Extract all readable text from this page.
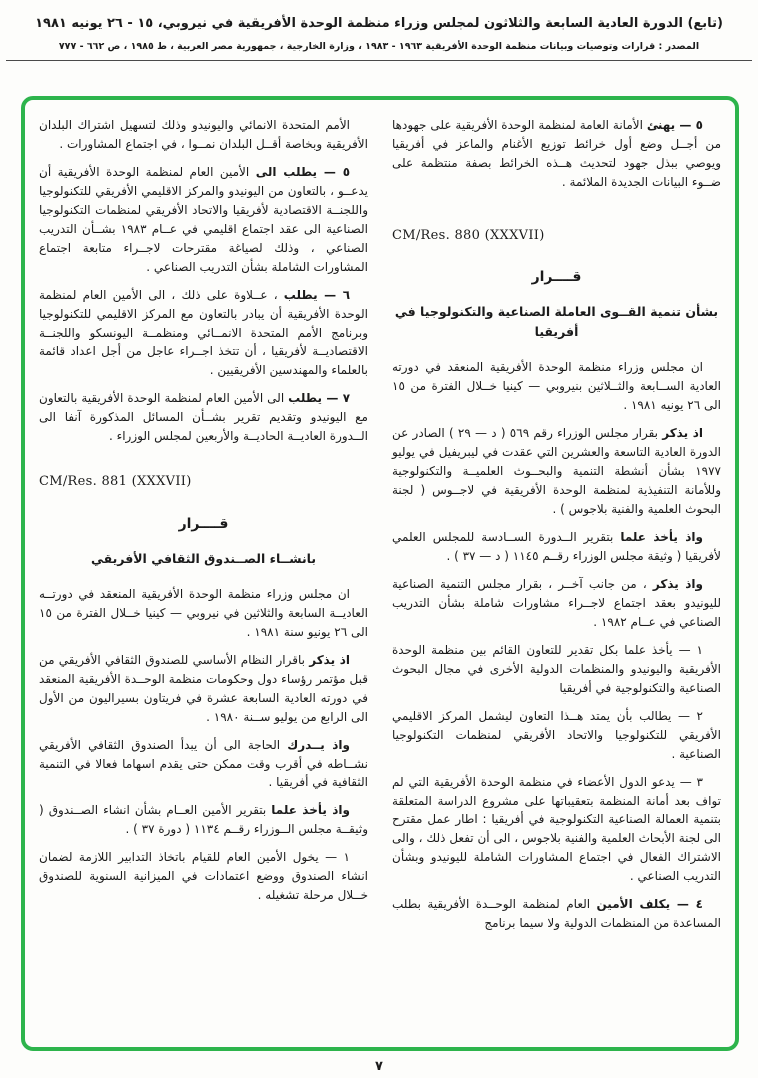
(تابع) الدورة العادية السابعة والثلاثون لمجلس وزراء منظمة الوحدة الأفريقية في نيروبي، ١٥ - ٢٦ يونيه ١٩٨١
المصدر : قرارات وتوصيات وبيانات منظمة الوحدة الأفريقية ١٩٦٣ - ١٩٨٣ ، وزارة الخارجية ، جمهورية مصر العربية ، ط ١٩٨٥ ، ص ٦٦٢ - ٧٧٧

٥ — يهنئ الأمانة العامة لمنظمة الوحدة الأفريقية على جهودها من أجــل وضع أول خرائط توزيع الأغنام والماعز في أفريقيا ويوصي ببذل جهود لتحديث هــذه الخرائط بصفة منتظمة على ضــوء البيانات الجديدة الملائمة .

CM/Res. 880 (XXXVII)
قــــرار
بشأن تنمية القــوى العاملة الصناعية والتكنولوجيا في أفريقيا

ان مجلس وزراء منظمة الوحدة الأفريقية المنعقد في دورته العادية الســابعة والثــلاثين بنيروبي — كينيا خــلال الفترة من ١٥ الى ٢٦ يونيه ١٩٨١ .

اذ يذكر بقرار مجلس الوزراء رقم ٥٦٩ ( د — ٢٩ ) الصادر عن الدورة العادية التاسعة والعشرين التي عقدت في ليبريفيل في يوليو ١٩٧٧ بشأن أنشطة التنمية والبحــوث العلميــة والتكنولوجية وللأمانة التنفيذية لمنظمة الوحدة الأفريقية في لاجــوس ( لجنة البحوث العلمية والفنية بلاجوس ) .

واذ يأخذ علما بتقرير الــدورة الســادسة للمجلس العلمي لأفريقيا ( وثيقة مجلس الوزراء رقــم ١١٤٥ ( د — ٣٧ ) .

واذ يذكر ، من جانب آخــر ، بقرار مجلس التنمية الصناعية لليونيدو بعقد اجتماع لاجــراء مشاورات شاملة بشأن التدريب الصناعي في عــام ١٩٨٢ .

١ — يأخذ علما بكل تقدير للتعاون القائم بين منظمة الوحدة الأفريقية واليونيدو والمنظمات الدولية الأخرى في مجال البحوث الصناعية والتكنولوجية في أفريقيا

٢ — يطالب بأن يمتد هــذا التعاون ليشمل المركز الاقليمي الأفريقي للتكنولوجيا والاتحاد الأفريقي لمنظمات التكنولوجيا الصناعية .

٣ — يدعو الدول الأعضاء في منظمة الوحدة الأفريقية التي لم تواف بعد أمانة المنظمة بتعقيباتها على مشروع الدراسة المتعلقة بتنمية العمالة الصناعية التكنولوجية في أفريقيا : اطار عمل مقترح الى لجنة الأبحاث العلمية والفنية بلاجوس ، الى أن تفعل ذلك ، والى الاشتراك الفعال في اجتماع المشاورات الشاملة لليونيدو وبشأن التدريب الصناعي .

٤ — يكلف الأمين العام لمنظمة الوحــدة الأفريقية بطلب المساعدة من المنظمات الدولية ولا سيما برنامج

الأمم المتحدة الانمائي واليونيدو وذلك لتسهيل اشتراك البلدان الأفريقية وبخاصة أقــل البلدان نمــوا ، في اجتماع المشاورات .

٥ — يطلب الى الأمين العام لمنظمة الوحدة الأفريقية أن يدعــو ، بالتعاون من اليونيدو والمركز الاقليمي الأفريقي للتكنولوجيا واللجنــة الاقتصادية لأفريقيا والاتحاد الأفريقي لمنظمات التكنولوجيا الصناعية الى عقد اجتماع اقليمي في عــام ١٩٨٣ بشــأن التدريب الصناعي ، وذلك لصياغة مقترحات لاجــراء متابعة اجتماع المشاورات الشاملة بشأن التدريب الصناعي .

٦ — يطلب ، عــلاوة على ذلك ، الى الأمين العام لمنظمة الوحدة الأفريقية أن يبادر بالتعاون مع المركز الاقليمي للتكنولوجيا وبرنامج الأمم المتحدة الانمــائي ومنظمــة اليونسكو واللجنــة الاقتصاديــة لأفريقيا ، أن تتخذ اجــراء عاجل من أجل اعداد قائمة بالعلماء والمهندسين الأفريقيين .

٧ — يطلب الى الأمين العام لمنظمة الوحدة الأفريقية بالتعاون مع اليونيدو وتقديم تقرير بشــأن المسائل المذكورة آنفا الى الــدورة العاديــة الحاديــة والأربعين لمجلس الوزراء .

CM/Res. 881 (XXXVII)
قــــرار
بانشــاء الصــندوق الثقافي الأفريقي

ان مجلس وزراء منظمة الوحدة الأفريقية المنعقد في دورتــه العاديــة السابعة والثلاثين في نيروبي — كينيا خــلال الفترة من ١٥ الى ٢٦ يونيو سنة ١٩٨١ .

اذ يذكر باقرار النظام الأساسي للصندوق الثقافي الأفريقي من قبل مؤتمر رؤساء دول وحكومات منظمة الوحــدة الأفريقية المنعقد في دورته العادية السابعة عشرة في فريتاون بسيراليون من الأول الى الرابع من يوليو ســنة ١٩٨٠ .

واذ يــدرك الحاجة الى أن يبدأ الصندوق الثقافي الأفريقي نشــاطه في أقرب وقت ممكن حتى يقدم اسهاما فعالا في التنمية الثقافية في أفريقيا .

واذ يأخذ علما بتقرير الأمين العــام بشأن انشاء الصــندوق ( وثيقــة مجلس الــوزراء رقــم ١١٣٤ ( دورة ٣٧ ) .

١ — يخول الأمين العام للقيام باتخاذ التدابير اللازمة لضمان انشاء الصندوق ووضع اعتمادات في الميزانية السنوية للصندوق خــلال مرحلة تشغيله .

٧
